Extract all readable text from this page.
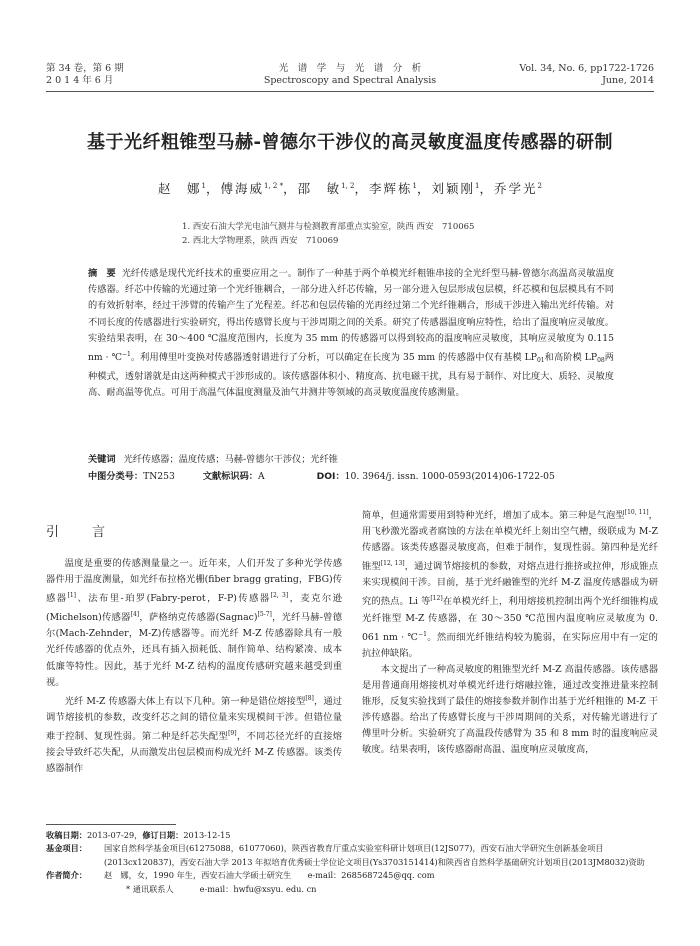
第 34 卷，第 6 期
2 0 1 4 年 6 月
光　谱　学　与　光　谱　分　析
Spectroscopy and Spectral Analysis
Vol. 34, No. 6, pp1722-1726
June, 2014
基于光纤粗锥型马赫-曾德尔干涉仪的高灵敏度温度传感器的研制
赵　娜$^1$，傅海威$^{1, 2 *}$，邵　敏$^{1, 2}$，李辉栋$^1$，刘颖刚$^1$，乔学光$^2$
1. 西安石油大学光电油气测井与检测教育部重点实验室，陕西 西安　710065
2. 西北大学物理系，陕西 西安　710069
摘　要 光纤传感是现代光纤技术的重要应用之一。制作了一种基于两个单模光纤粗锥串接的全光纤型马赫-曾德尔高温高灵敏温度传感器。纤芯中传输的光通过第一个光纤锥耦合，一部分进入纤芯传输，另一部分进入包层形成包层模，纤芯模和包层模具有不同的有效折射率，经过干涉臂的传输产生了光程差。纤芯和包层传输的光再经过第二个光纤锥耦合，形成干涉进入输出光纤传输。对不同长度的传感器进行实验研究，得出传感臂长度与干涉周期之间的关系。研究了传感器温度响应特性，给出了温度响应灵敏度。实验结果表明，在 30～400 ℃温度范围内，长度为 35 mm 的传感器可以得到较高的温度响应灵敏度，其响应灵敏度为 0.115 nm · ℃$^{-1}$。利用傅里叶变换对传感器透射谱进行了分析，可以确定在长度为 35 mm 的传感器中仅有基模 $LP_{01}$和高阶模 $LP_{08}$两种模式，透射谱就是由这两种模式干涉形成的。该传感器体积小、精度高、抗电磁干扰，具有易于制作、对比度大、质轻、灵敏度高、耐高温等优点。可用于高温气体温度测量及油气井测井等领域的高灵敏度温度传感测量。
关键词 光纤传感器；温度传感；马赫-曾德尔干涉仪；光纤锥
中图分类号：TN253	文献标识码：A	DOI：10. 3964/j. issn. 1000-0593(2014)06-1722-05
引　言

温度是重要的传感测量量之一。近年来，人们开发了多种光学传感器件用于温度测量，如光纤布拉格光栅(fiber bragg grating，FBG)传感器[1]、法布里-珀罗(Fabry-perot，F-P)传感器[2, 3]，麦克尔逊(Michelson)传感器[4]，萨格纳克传感器(Sagnac)[5-7]，光纤马赫-曾德尔(Mach-Zehnder，M-Z)传感器等。而光纤 M-Z 传感器除具有一般光纤传感器的优点外，还具有插入损耗低、制作简单、结构紧凑、成本低廉等特性。因此，基于光纤 M-Z 结构的温度传感研究越来越受到重视。

光纤 M-Z 传感器大体上有以下几种。第一种是错位熔接型[8]，通过调节熔接机的参数，改变纤芯之间的错位量来实现模间干涉。但错位量难于控制、复现性弱。第二种是纤芯失配型[9]，不同芯径光纤的直接熔接会导致纤芯失配，从而激发出包层模而构成光纤 M-Z 传感器。该类传感器制作

简单，但通常需要用到特种光纤，增加了成本。第三种是气泡型[10, 11]，用飞秒激光器或者腐蚀的方法在单模光纤上刻出空气槽，级联成为 M-Z 传感器。该类传感器灵敏度高，但难于制作，复现性弱。第四种是光纤锥型[12, 13]，通过调节熔接机的参数，对熔点进行推挤或拉伸，形成锥点来实现模间干涉。目前，基于光纤融锥型的光纤 M-Z 温度传感器成为研究的热点。Li 等[12]在单模光纤上，利用熔接机控制出两个光纤细锥构成光纤锥型 M-Z 传感器，在 30～350 ℃范围内温度响应灵敏度为 0. 061 nm · ℃$^{-1}$。然而细光纤锥结构较为脆弱，在实际应用中有一定的抗拉伸缺陷。

本文提出了一种高灵敏度的粗锥型光纤 M-Z 高温传感器。该传感器是用普通商用熔接机对单模光纤进行熔融拉锥，通过改变推进量来控制锥形，反复实验找到了最佳的熔接参数并制作出基于光纤粗锥的 M-Z 干涉传感器。给出了传感臂长度与干涉周期间的关系，对传输光谱进行了傅里叶分析。实验研究了高温段传感臂为 35 和 8 mm 时的温度响应灵敏度。结果表明，该传感器耐高温、温度响应灵敏度高，

收稿日期：2013-07-29，修订日期：2013-12-15
基金项目：	国家自然科学基金项目(61275088，61077060)，陕西省教育厅重点实验室科研计划项目(12JS077)，西安石油大学研究生创新基金项目(2013cx120837)，西安石油大学 2013 年拟培育优秀硕士学位论文项目(Ys3703151414)和陕西省自然科学基础研究计划项目(2013JM8032)资助
作者简介：	赵　娜，女，1990 年生，西安石油大学硕士研究生　　e-mail：2685687245@qq. com
* 通讯联系人	e-mail：hwfu@xsyu. edu. cn
